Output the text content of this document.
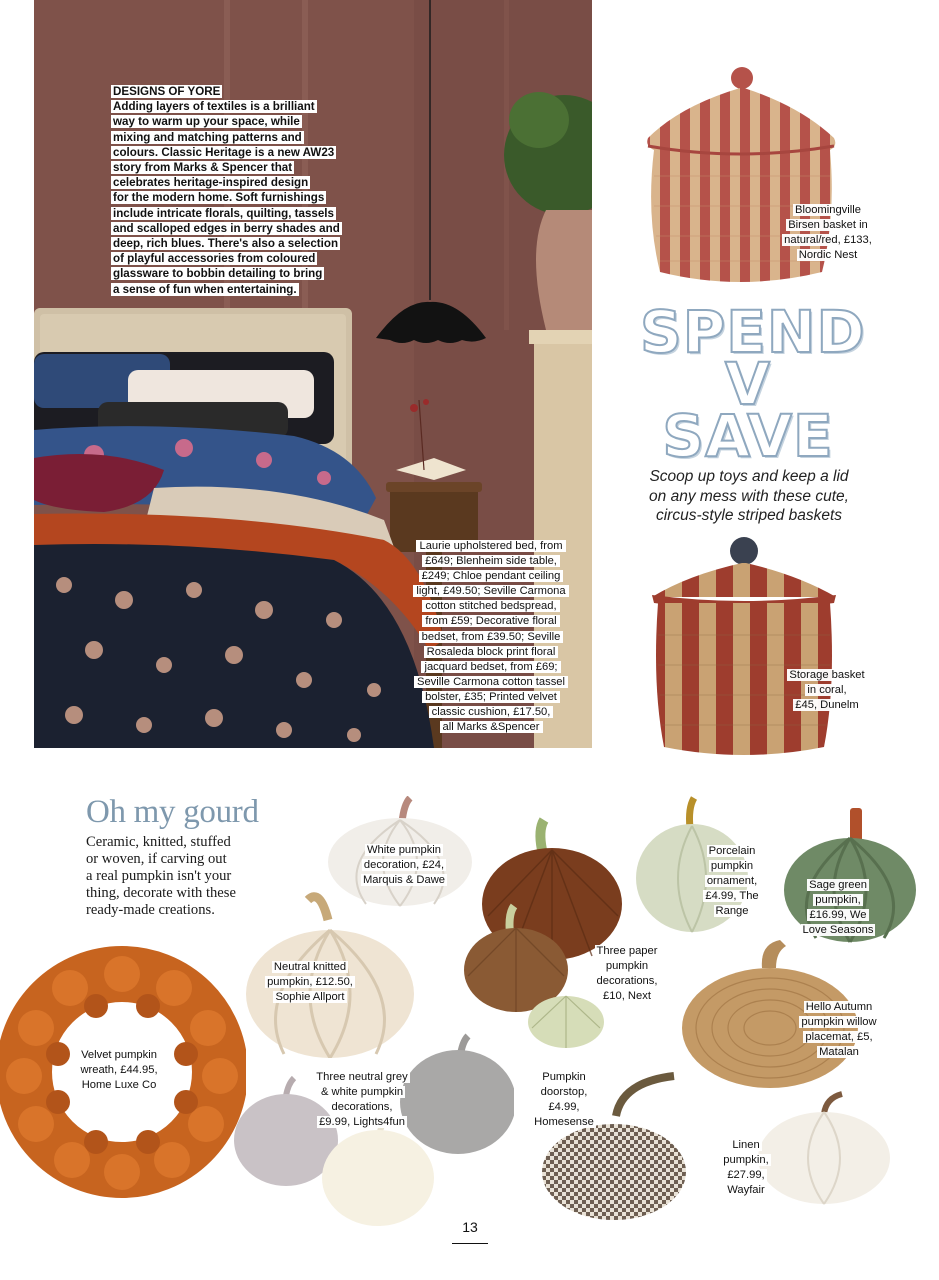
DESIGNS OF YORE
Adding layers of textiles is a brilliant
way to warm up your space, while
mixing and matching patterns and
colours. Classic Heritage is a new AW23
story from Marks & Spencer that
celebrates heritage-inspired design
for the modern home. Soft furnishings
include intricate florals, quilting, tassels
and scalloped edges in berry shades and
deep, rich blues. There's also a selection
of playful accessories from coloured
glassware to bobbin detailing to bring
a sense of fun when entertaining.
Laurie upholstered bed, from
£649; Blenheim side table,
£249; Chloe pendant ceiling
light, £49.50; Seville Carmona
cotton stitched bedspread,
from £59; Decorative floral
bedset, from £39.50; Seville
Rosaleda block print floral
jacquard bedset, from £69;
Seville Carmona cotton tassel
bolster, £35; Printed velvet
classic cushion, £17.50,
all Marks &Spencer
Bloomingville
Birsen basket in
natural/red, £133,
Nordic Nest
SPEND
V
SAVE
Scoop up toys and keep a lid
on any mess with these cute,
circus-style striped baskets
Storage basket
in coral,
£45, Dunelm
Oh my gourd
Ceramic, knitted, stuffed
or woven, if carving out
a real pumpkin isn't your
thing, decorate with these
ready-made creations.
White pumpkin
decoration, £24,
Marquis & Dawe
Three paper
pumpkin
decorations,
£10, Next
Porcelain
pumpkin
ornament,
£4.99, The
Range
Sage green
pumpkin,
£16.99, We
Love Seasons
Neutral knitted
pumpkin, £12.50,
Sophie Allport
Velvet pumpkin
wreath, £44.95,
Home Luxe Co
Three neutral grey
& white pumpkin
decorations,
£9.99, Lights4fun
Pumpkin
doorstop,
£4.99,
Homesense
Hello Autumn
pumpkin willow
placemat, £5,
Matalan
Linen
pumpkin,
£27.99,
Wayfair
13
